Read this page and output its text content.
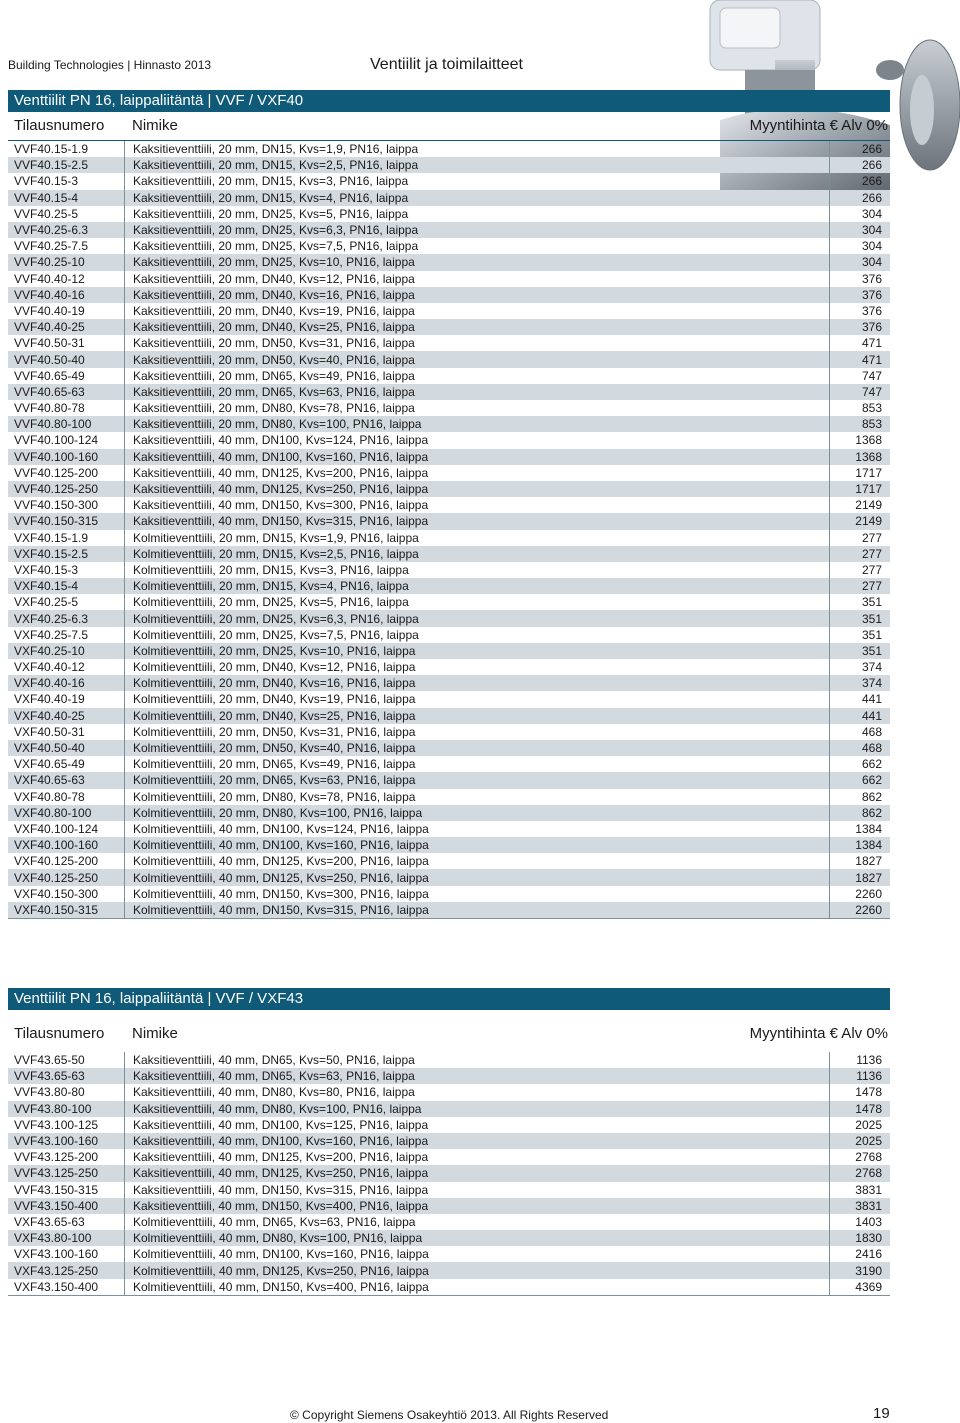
Building Technologies | Hinnasto 2013	Ventiilit ja toimilaitteet
Venttiilit PN 16, laippaliitäntä | VVF / VXF40
Tilausnumero	Nimike	Myyntihinta € Alv 0%
VVF40.15-1.9	Kaksitieventtiili, 20 mm, DN15, Kvs=1,9, PN16, laippa	266
VVF40.15-2.5	Kaksitieventtiili, 20 mm, DN15, Kvs=2,5, PN16, laippa	266
VVF40.15-3	Kaksitieventtiili, 20 mm, DN15, Kvs=3, PN16, laippa	266
VVF40.15-4	Kaksitieventtiili, 20 mm, DN15, Kvs=4, PN16, laippa	266
VVF40.25-5	Kaksitieventtiili, 20 mm, DN25, Kvs=5, PN16, laippa	304
VVF40.25-6.3	Kaksitieventtiili, 20 mm, DN25, Kvs=6,3, PN16, laippa	304
VVF40.25-7.5	Kaksitieventtiili, 20 mm, DN25, Kvs=7,5, PN16, laippa	304
VVF40.25-10	Kaksitieventtiili, 20 mm, DN25, Kvs=10, PN16, laippa	304
VVF40.40-12	Kaksitieventtiili, 20 mm, DN40, Kvs=12, PN16, laippa	376
VVF40.40-16	Kaksitieventtiili, 20 mm, DN40, Kvs=16, PN16, laippa	376
VVF40.40-19	Kaksitieventtiili, 20 mm, DN40, Kvs=19, PN16, laippa	376
VVF40.40-25	Kaksitieventtiili, 20 mm, DN40, Kvs=25, PN16, laippa	376
VVF40.50-31	Kaksitieventtiili, 20 mm, DN50, Kvs=31, PN16, laippa	471
VVF40.50-40	Kaksitieventtiili, 20 mm, DN50, Kvs=40, PN16, laippa	471
VVF40.65-49	Kaksitieventtiili, 20 mm, DN65, Kvs=49, PN16, laippa	747
VVF40.65-63	Kaksitieventtiili, 20 mm, DN65, Kvs=63, PN16, laippa	747
VVF40.80-78	Kaksitieventtiili, 20 mm, DN80, Kvs=78, PN16, laippa	853
VVF40.80-100	Kaksitieventtiili, 20 mm, DN80, Kvs=100, PN16, laippa	853
VVF40.100-124	Kaksitieventtiili, 40 mm, DN100, Kvs=124, PN16, laippa	1368
VVF40.100-160	Kaksitieventtiili, 40 mm, DN100, Kvs=160, PN16, laippa	1368
VVF40.125-200	Kaksitieventtiili, 40 mm, DN125, Kvs=200, PN16, laippa	1717
VVF40.125-250	Kaksitieventtiili, 40 mm, DN125, Kvs=250, PN16, laippa	1717
VVF40.150-300	Kaksitieventtiili, 40 mm, DN150, Kvs=300, PN16, laippa	2149
VVF40.150-315	Kaksitieventtiili, 40 mm, DN150, Kvs=315, PN16, laippa	2149
VXF40.15-1.9	Kolmitieventtiili, 20 mm, DN15, Kvs=1,9, PN16, laippa	277
VXF40.15-2.5	Kolmitieventtiili, 20 mm, DN15, Kvs=2,5, PN16, laippa	277
VXF40.15-3	Kolmitieventtiili, 20 mm, DN15, Kvs=3, PN16, laippa	277
VXF40.15-4	Kolmitieventtiili, 20 mm, DN15, Kvs=4, PN16, laippa	277
VXF40.25-5	Kolmitieventtiili, 20 mm, DN25, Kvs=5, PN16, laippa	351
VXF40.25-6.3	Kolmitieventtiili, 20 mm, DN25, Kvs=6,3, PN16, laippa	351
VXF40.25-7.5	Kolmitieventtiili, 20 mm, DN25, Kvs=7,5, PN16, laippa	351
VXF40.25-10	Kolmitieventtiili, 20 mm, DN25, Kvs=10, PN16, laippa	351
VXF40.40-12	Kolmitieventtiili, 20 mm, DN40, Kvs=12, PN16, laippa	374
VXF40.40-16	Kolmitieventtiili, 20 mm, DN40, Kvs=16, PN16, laippa	374
VXF40.40-19	Kolmitieventtiili, 20 mm, DN40, Kvs=19, PN16, laippa	441
VXF40.40-25	Kolmitieventtiili, 20 mm, DN40, Kvs=25, PN16, laippa	441
VXF40.50-31	Kolmitieventtiili, 20 mm, DN50, Kvs=31, PN16, laippa	468
VXF40.50-40	Kolmitieventtiili, 20 mm, DN50, Kvs=40, PN16, laippa	468
VXF40.65-49	Kolmitieventtiili, 20 mm, DN65, Kvs=49, PN16, laippa	662
VXF40.65-63	Kolmitieventtiili, 20 mm, DN65, Kvs=63, PN16, laippa	662
VXF40.80-78	Kolmitieventtiili, 20 mm, DN80, Kvs=78, PN16, laippa	862
VXF40.80-100	Kolmitieventtiili, 20 mm, DN80, Kvs=100, PN16, laippa	862
VXF40.100-124	Kolmitieventtiili, 40 mm, DN100, Kvs=124, PN16, laippa	1384
VXF40.100-160	Kolmitieventtiili, 40 mm, DN100, Kvs=160, PN16, laippa	1384
VXF40.125-200	Kolmitieventtiili, 40 mm, DN125, Kvs=200, PN16, laippa	1827
VXF40.125-250	Kolmitieventtiili, 40 mm, DN125, Kvs=250, PN16, laippa	1827
VXF40.150-300	Kolmitieventtiili, 40 mm, DN150, Kvs=300, PN16, laippa	2260
VXF40.150-315	Kolmitieventtiili, 40 mm, DN150, Kvs=315, PN16, laippa	2260
Venttiilit PN 16, laippaliitäntä | VVF / VXF43
Tilausnumero	Nimike	Myyntihinta € Alv 0%
VVF43.65-50	Kaksitieventtiili, 40 mm, DN65, Kvs=50, PN16, laippa	1136
VVF43.65-63	Kaksitieventtiili, 40 mm, DN65, Kvs=63, PN16, laippa	1136
VVF43.80-80	Kaksitieventtiili, 40 mm, DN80, Kvs=80, PN16, laippa	1478
VVF43.80-100	Kaksitieventtiili, 40 mm, DN80, Kvs=100, PN16, laippa	1478
VVF43.100-125	Kaksitieventtiili, 40 mm, DN100, Kvs=125, PN16, laippa	2025
VVF43.100-160	Kaksitieventtiili, 40 mm, DN100, Kvs=160, PN16, laippa	2025
VVF43.125-200	Kaksitieventtiili, 40 mm, DN125, Kvs=200, PN16, laippa	2768
VVF43.125-250	Kaksitieventtiili, 40 mm, DN125, Kvs=250, PN16, laippa	2768
VVF43.150-315	Kaksitieventtiili, 40 mm, DN150, Kvs=315, PN16, laippa	3831
VVF43.150-400	Kaksitieventtiili, 40 mm, DN150, Kvs=400, PN16, laippa	3831
VXF43.65-63	Kolmitieventtiili, 40 mm, DN65, Kvs=63, PN16, laippa	1403
VXF43.80-100	Kolmitieventtiili, 40 mm, DN80, Kvs=100, PN16, laippa	1830
VXF43.100-160	Kolmitieventtiili, 40 mm, DN100, Kvs=160, PN16, laippa	2416
VXF43.125-250	Kolmitieventtiili, 40 mm, DN125, Kvs=250, PN16, laippa	3190
VXF43.150-400	Kolmitieventtiili, 40 mm, DN150, Kvs=400, PN16, laippa	4369
© Copyright Siemens Osakeyhtiö 2013. All Rights Reserved	19
